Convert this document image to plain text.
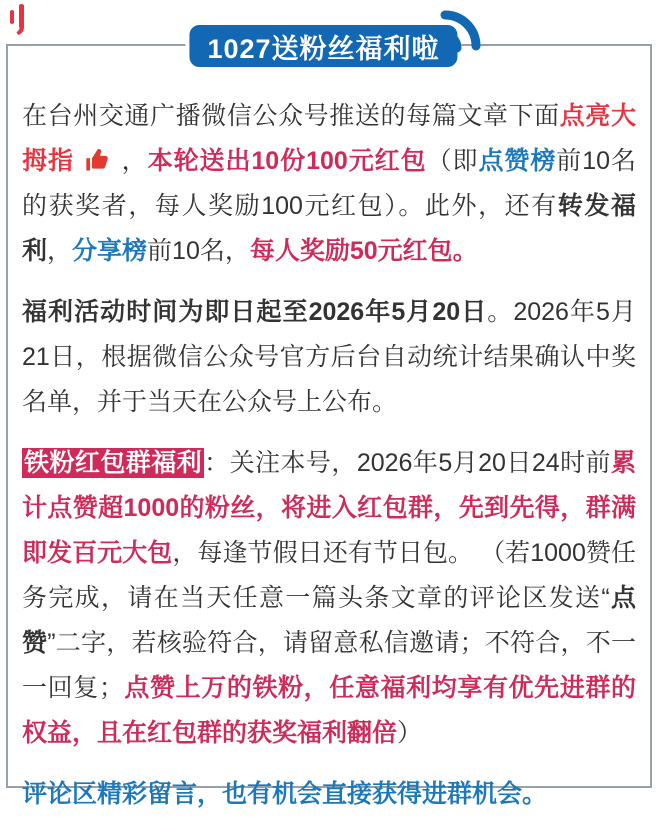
1027送粉丝福利啦

在台州交通广播微信公众号推送的每篇文章下面点亮大拇指 ，本轮送出10份100元红包（即点赞榜前10名的获奖者，每人奖励100元红包）。此外，还有转发福利，分享榜前10名，每人奖励50元红包。

福利活动时间为即日起至2026年5月20日。2026年5月21日，根据微信公众号官方后台自动统计结果确认中奖名单，并于当天在公众号上公布。

铁粉红包群福利：关注本号，2026年5月20日24时前累计点赞超1000的粉丝，将进入红包群，先到先得，群满即发百元大包，每逢节假日还有节日包。 （若1000赞任务完成，请在当天任意一篇头条文章的评论区发送“点赞”二字，若核验符合，请留意私信邀请；不符合，不一一回复；点赞上万的铁粉，任意福利均享有优先进群的权益，且在红包群的获奖福利翻倍）

评论区精彩留言，也有机会直接获得进群机会。
